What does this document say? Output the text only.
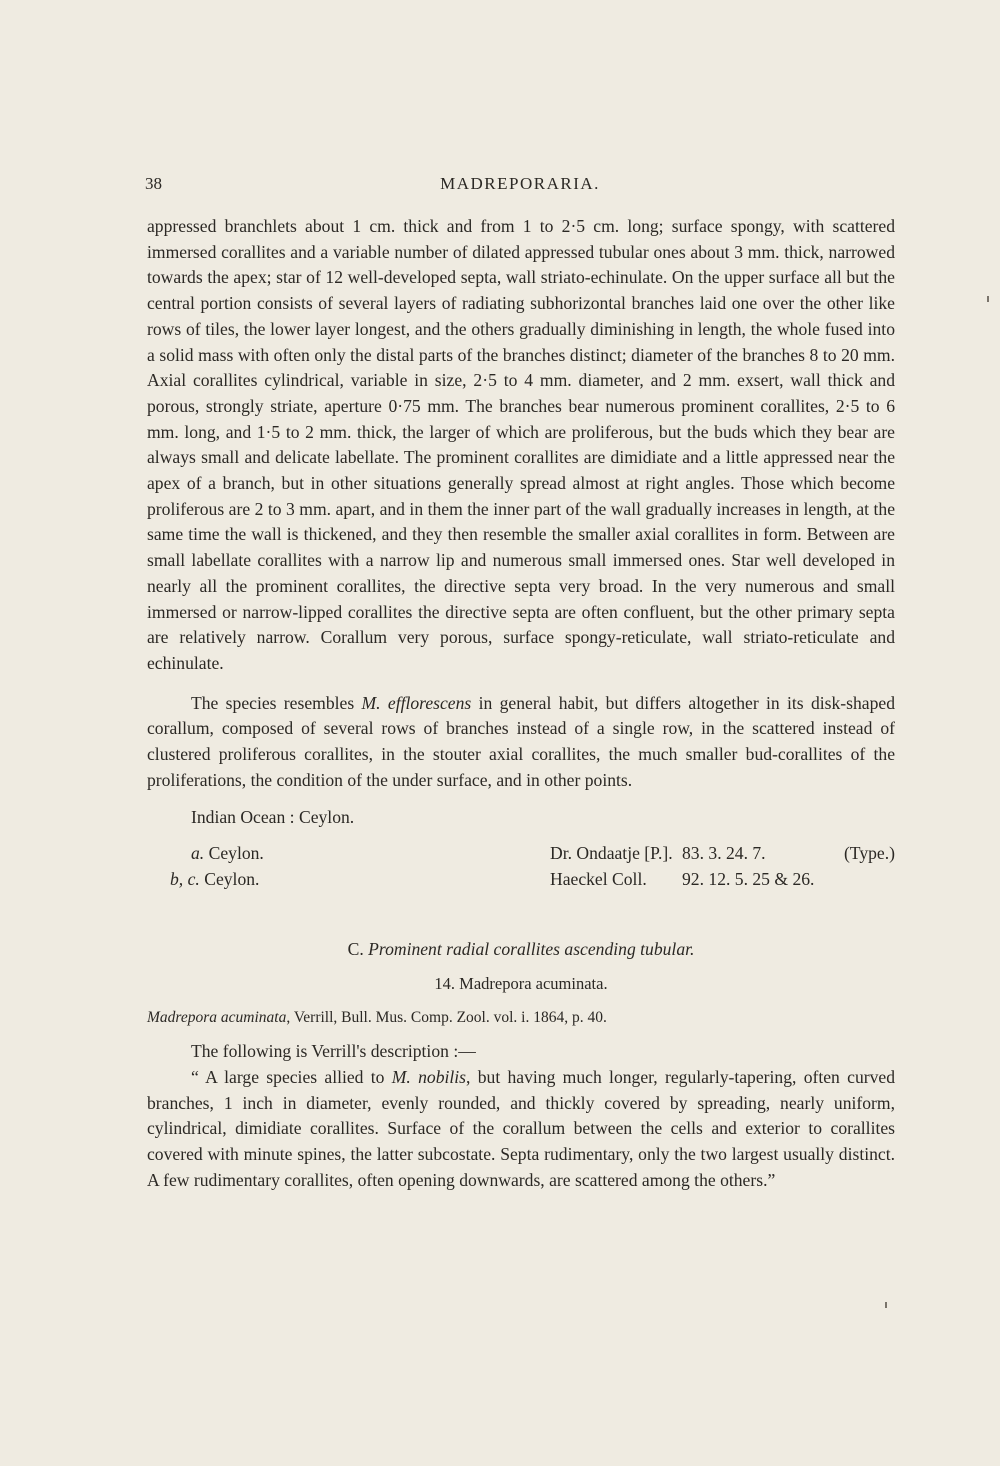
38	MADREPORARIA.

appressed branchlets about 1 cm. thick and from 1 to 2·5 cm. long; surface spongy, with scattered immersed corallites and a variable number of dilated appressed tubular ones about 3 mm. thick, narrowed towards the apex; star of 12 well-developed septa, wall striato-echinulate. On the upper surface all but the central portion consists of several layers of radiating subhorizontal branches laid one over the other like rows of tiles, the lower layer longest, and the others gradually diminishing in length, the whole fused into a solid mass with often only the distal parts of the branches distinct; diameter of the branches 8 to 20 mm. Axial corallites cylindrical, variable in size, 2·5 to 4 mm. diameter, and 2 mm. exsert, wall thick and porous, strongly striate, aperture 0·75 mm. The branches bear numerous prominent corallites, 2·5 to 6 mm. long, and 1·5 to 2 mm. thick, the larger of which are proliferous, but the buds which they bear are always small and delicate labellate. The prominent corallites are dimidiate and a little appressed near the apex of a branch, but in other situations generally spread almost at right angles. Those which become proliferous are 2 to 3 mm. apart, and in them the inner part of the wall gradually increases in length, at the same time the wall is thickened, and they then resemble the smaller axial corallites in form. Between are small labellate corallites with a narrow lip and numerous small immersed ones. Star well developed in nearly all the prominent corallites, the directive septa very broad. In the very numerous and small immersed or narrow-lipped corallites the directive septa are often confluent, but the other primary septa are relatively narrow. Corallum very porous, surface spongy-reticulate, wall striato-reticulate and echinulate.

The species resembles M. efflorescens in general habit, but differs altogether in its disk-shaped corallum, composed of several rows of branches instead of a single row, in the scattered instead of clustered proliferous corallites, in the stouter axial corallites, the much smaller bud-corallites of the proliferations, the condition of the under surface, and in other points.

Indian Ocean : Ceylon.

a. Ceylon.	Dr. Ondaatje [P.]. 83. 3. 24. 7.	(Type.)
b, c. Ceylon.	Haeckel Coll. 92. 12. 5. 25 & 26.

C. Prominent radial corallites ascending tubular.

14. Madrepora acuminata.

Madrepora acuminata, Verrill, Bull. Mus. Comp. Zool. vol. i. 1864, p. 40.

The following is Verrill's description :—

“ A large species allied to M. nobilis, but having much longer, regularly-tapering, often curved branches, 1 inch in diameter, evenly rounded, and thickly covered by spreading, nearly uniform, cylindrical, dimidiate corallites. Surface of the corallum between the cells and exterior to corallites covered with minute spines, the latter subcostate. Septa rudimentary, only the two largest usually distinct. A few rudimentary corallites, often opening downwards, are scattered among the others.”
